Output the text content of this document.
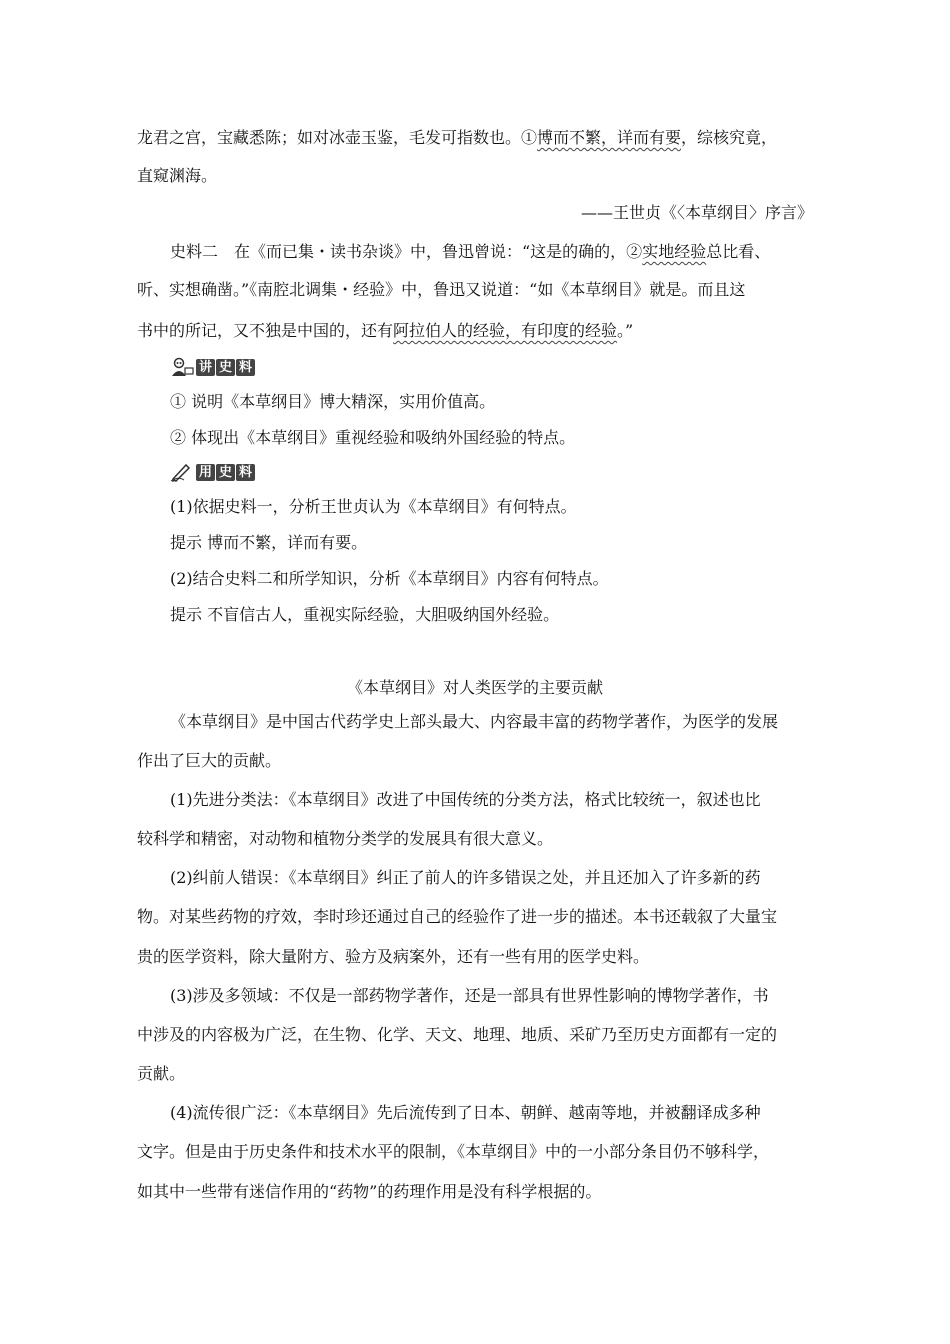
龙君之宫，宝藏悉陈；如对冰壶玉鉴，毛发可指数也。①博而不繁，详而有要，综核究竟，
直窥渊海。
——王世贞《〈本草纲目〉序言》
史料二　在《而已集・读书杂谈》中，鲁迅曾说：“这是的确的，②实地经验总比看、
听、实想确凿。”《南腔北调集・经验》中，鲁迅又说道：“如《本草纲目》就是。而且这
书中的所记，又不独是中国的，还有阿拉伯人的经验，有印度的经验。”
讲 史 料
① 说明《本草纲目》博大精深，实用价值高。
② 体现出《本草纲目》重视经验和吸纳外国经验的特点。
用 史 料
(1)依据史料一，分析王世贞认为《本草纲目》有何特点。
提示 博而不繁，详而有要。
(2)结合史料二和所学知识，分析《本草纲目》内容有何特点。
提示 不盲信古人，重视实际经验，大胆吸纳国外经验。
《本草纲目》对人类医学的主要贡献
《本草纲目》是中国古代药学史上部头最大、内容最丰富的药物学著作，为医学的发展
作出了巨大的贡献。
(1)先进分类法：《本草纲目》改进了中国传统的分类方法，格式比较统一，叙述也比
较科学和精密，对动物和植物分类学的发展具有很大意义。
(2)纠前人错误：《本草纲目》纠正了前人的许多错误之处，并且还加入了许多新的药
物。对某些药物的疗效，李时珍还通过自己的经验作了进一步的描述。本书还载叙了大量宝
贵的医学资料，除大量附方、验方及病案外，还有一些有用的医学史料。
(3)涉及多领域：不仅是一部药物学著作，还是一部具有世界性影响的博物学著作，书
中涉及的内容极为广泛，在生物、化学、天文、地理、地质、采矿乃至历史方面都有一定的
贡献。
(4)流传很广泛：《本草纲目》先后流传到了日本、朝鲜、越南等地，并被翻译成多种
文字。但是由于历史条件和技术水平的限制，《本草纲目》中的一小部分条目仍不够科学，
如其中一些带有迷信作用的“药物”的药理作用是没有科学根据的。
